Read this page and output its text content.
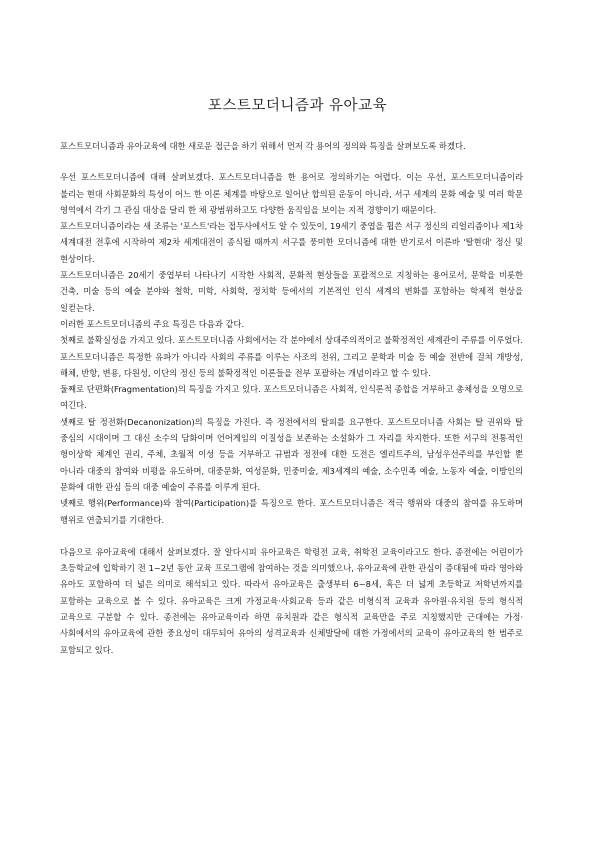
포스트모더니즘과 유아교육

포스트모더니즘과 유아교육에 대한 새로운 접근을 하기 위해서 먼저 각 용어의 정의와 특징을 살펴보도록 하겠다.

우선 포스트모더니즘에 대해 살펴보겠다. 포스트모더니즘을 한 용어로 정의하기는 어렵다. 이는 우선, 포스트모더니즘이라 불리는 현대 사회문화의 특성이 어느 한 이론 체계를 바탕으로 일어난 합의된 운동이 아니라, 서구 세계의 문화 예술 및 여러 학문 영역에서 각기 그 관심 대상을 달리 한 채 광범위하고도 다양한 움직임을 보이는 지적 경향이기 때문이다.

포스트모더니즘이라는 새 조류는 '포스트'라는 접두사에서도 알 수 있듯이, 19세기 중엽을 휩쓴 서구 정신의 리얼리즘이나 제1차 세계대전 전후에 시작하여 제2차 세계대전이 종식될 때까지 서구를 풍미한 모더니즘에 대한 반기로서 이른바 '탈현대' 정신 및 현상이다.

포스트모더니즘은 20세기 중엽부터 나타나기 시작한 사회적, 문화적 현상들을 포괄적으로 지칭하는 용어로서, 문학을 비롯한 건축, 미술 등의 예술 분야와 철학, 미학, 사회학, 정치학 등에서의 기본적인 인식 세계의 변화를 포함하는 학제적 현상을 일컫는다.

이러한 포스트모더니즘의 주요 특징은 다음과 같다.

첫째로 불확실성을 가지고 있다. 포스트모더니즘 사회에서는 각 분야에서 상대주의적이고 불확정적인 세계관이 주류를 이루었다. 포스트모더니즘은 특정한 유파가 아니라 사회의 주류를 이루는 사조의 전위, 그리고 문학과 미술 등 예술 전반에 걸쳐 개방성, 해체, 반항, 변용, 다원성, 이단의 정신 등의 불확정적인 이론들을 전부 포괄하는 개념이라고 할 수 있다.

둘째로 단편화(Fragmentation)의 특징을 가지고 있다. 포스트모더니즘은 사회적, 인식론적 종합을 거부하고 총체성을 오명으로 여긴다.

셋째로 탈 정전화(Decanonization)의 특징을 가진다. 즉 정전에서의 탈피를 요구한다. 포스트모더니즘 사회는 탈 권위와 탈 중심의 시대이며 그 대신 소수의 담화이며 언어게임의 이질성을 보존하는 소설화가 그 자리를 차지한다. 또한 서구의 전통적인 형이상학 체계인 권리, 주체, 초월적 이성 등을 거부하고 규범과 정전에 대한 도전은 엘리트주의, 남성우선주의를 부인할 뿐 아니라 대중의 참여와 비평을 유도하며, 대중문화, 여성문화, 민중미술, 제3세계의 예술, 소수민족 예술, 노동자 예술, 이방인의 문화에 대한 관심 등의 대중 예술이 주류를 이루게 된다.

넷째로 행위(Performance)와 참여(Participation)를 특징으로 한다. 포스트모더니즘은 적극 행위와 대중의 참여를 유도하며 행위로 연출되기를 기대한다.

다음으로 유아교육에 대해서 살펴보겠다. 잘 알다시피 유아교육은 학령전 교육, 취학전 교육이라고도 한다. 종전에는 어린이가 초등학교에 입학하기 전 1~2년 동안 교육 프로그램에 참여하는 것을 의미했으나, 유아교육에 관한 관심이 증대됨에 따라 영아와 유아도 포함하여 더 넓은 의미로 해석되고 있다. 따라서 유아교육은 출생부터 6~8세, 혹은 더 넓게 초등학교 저학년까지를 포함하는 교육으로 볼 수 있다. 유아교육은 크게 가정교육·사회교육 등과 같은 비형식적 교육과 유아원·유치원 등의 형식적 교육으로 구분할 수 있다. 종전에는 유아교육이라 하면 유치원과 같은 형식적 교육만을 주로 지칭했지만 근대에는 가정·사회에서의 유아교육에 관한 중요성이 대두되어 유아의 성격교육과 신체발달에 대한 가정에서의 교육이 유아교육의 한 범주로 포함되고 있다.
